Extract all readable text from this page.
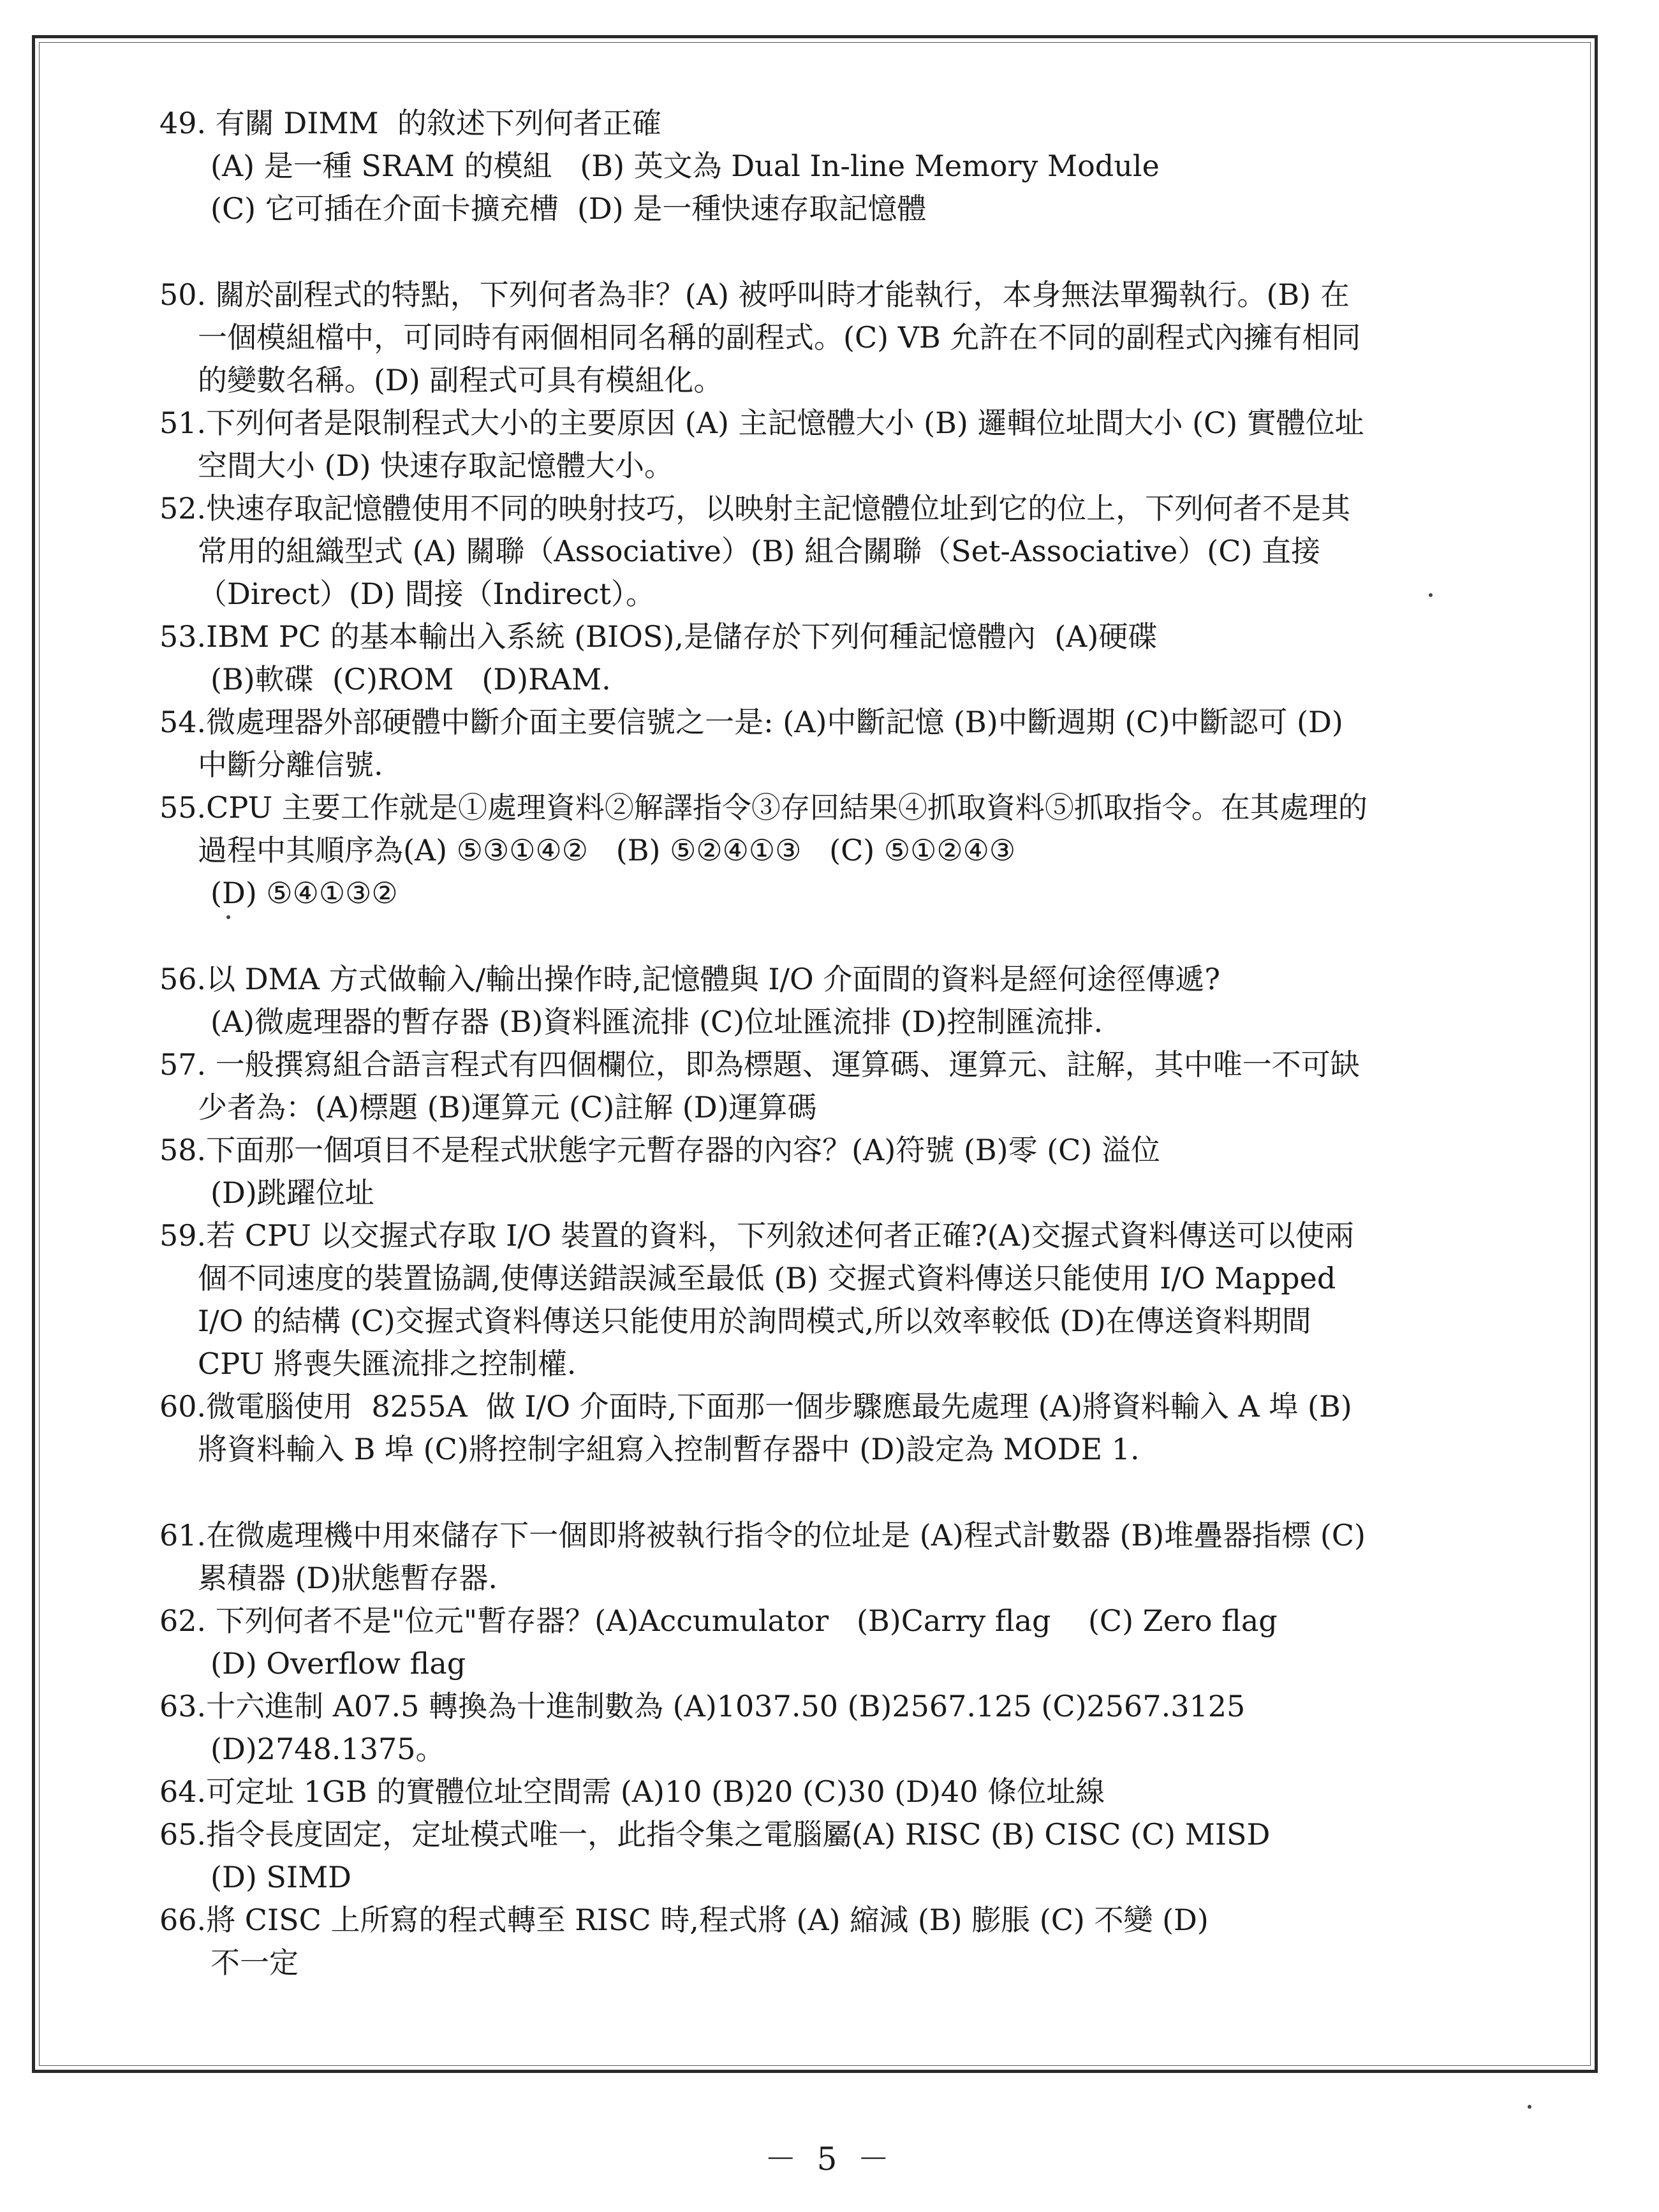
49. 有關 DIMM  的敘述下列何者正確
(A) 是一種 SRAM 的模組   (B) 英文為 Dual In-line Memory Module
(C) 它可插在介面卡擴充槽  (D) 是一種快速存取記憶體
50. 關於副程式的特點，下列何者為非？(A) 被呼叫時才能執行，本身無法單獨執行。(B) 在一個模組檔中，可同時有兩個相同名稱的副程式。(C) VB 允許在不同的副程式內擁有相同的變數名稱。(D) 副程式可具有模組化。
51.下列何者是限制程式大小的主要原因 (A) 主記憶體大小 (B) 邏輯位址間大小 (C) 實體位址空間大小 (D) 快速存取記憶體大小。
52.快速存取記憶體使用不同的映射技巧，以映射主記憶體位址到它的位上，下列何者不是其常用的組織型式 (A) 關聯（Associative）(B) 組合關聯（Set-Associative）(C) 直接（Direct）(D) 間接（Indirect）。
53.IBM PC 的基本輸出入系統 (BIOS),是儲存於下列何種記憶體內  (A)硬碟
(B)軟碟  (C)ROM   (D)RAM.
54.微處理器外部硬體中斷介面主要信號之一是: (A)中斷記憶 (B)中斷週期 (C)中斷認可 (D)中斷分離信號.
55.CPU 主要工作就是①處理資料②解譯指令③存回結果④抓取資料⑤抓取指令。在其處理的過程中其順序為(A) ⑤③①④②   (B) ⑤②④①③   (C) ⑤①②④③
(D) ⑤④①③②
56.以 DMA 方式做輸入/輸出操作時,記憶體與 I/O 介面間的資料是經何途徑傳遞?
(A)微處理器的暫存器 (B)資料匯流排 (C)位址匯流排 (D)控制匯流排.
57. 一般撰寫組合語言程式有四個欄位，即為標題、運算碼、運算元、註解，其中唯一不可缺少者為：(A)標題 (B)運算元 (C)註解 (D)運算碼
58.下面那一個項目不是程式狀態字元暫存器的內容？(A)符號 (B)零 (C) 溢位
(D)跳躍位址
59.若 CPU 以交握式存取 I/O 裝置的資料，下列敘述何者正確?(A)交握式資料傳送可以使兩個不同速度的裝置協調,使傳送錯誤減至最低 (B) 交握式資料傳送只能使用 I/O Mapped I/O 的結構 (C)交握式資料傳送只能使用於詢問模式,所以效率較低 (D)在傳送資料期間 CPU 將喪失匯流排之控制權.
60.微電腦使用  8255A  做 I/O 介面時,下面那一個步驟應最先處理 (A)將資料輸入 A 埠 (B) 將資料輸入 B 埠 (C)將控制字組寫入控制暫存器中 (D)設定為 MODE 1.
61.在微處理機中用來儲存下一個即將被執行指令的位址是 (A)程式計數器 (B)堆疊器指標 (C)累積器 (D)狀態暫存器.
62. 下列何者不是"位元"暫存器？(A)Accumulator   (B)Carry flag    (C) Zero flag
(D) Overflow flag
63.十六進制 A07.5 轉換為十進制數為 (A)1037.50 (B)2567.125 (C)2567.3125
(D)2748.1375。
64.可定址 1GB 的實體位址空間需 (A)10 (B)20 (C)30 (D)40 條位址線
65.指令長度固定，定址模式唯一，此指令集之電腦屬(A) RISC (B) CISC (C) MISD
(D) SIMD
66.將 CISC 上所寫的程式轉至 RISC 時,程式將 (A) 縮減 (B) 膨脹 (C) 不變 (D)
不一定
－ 5 －
